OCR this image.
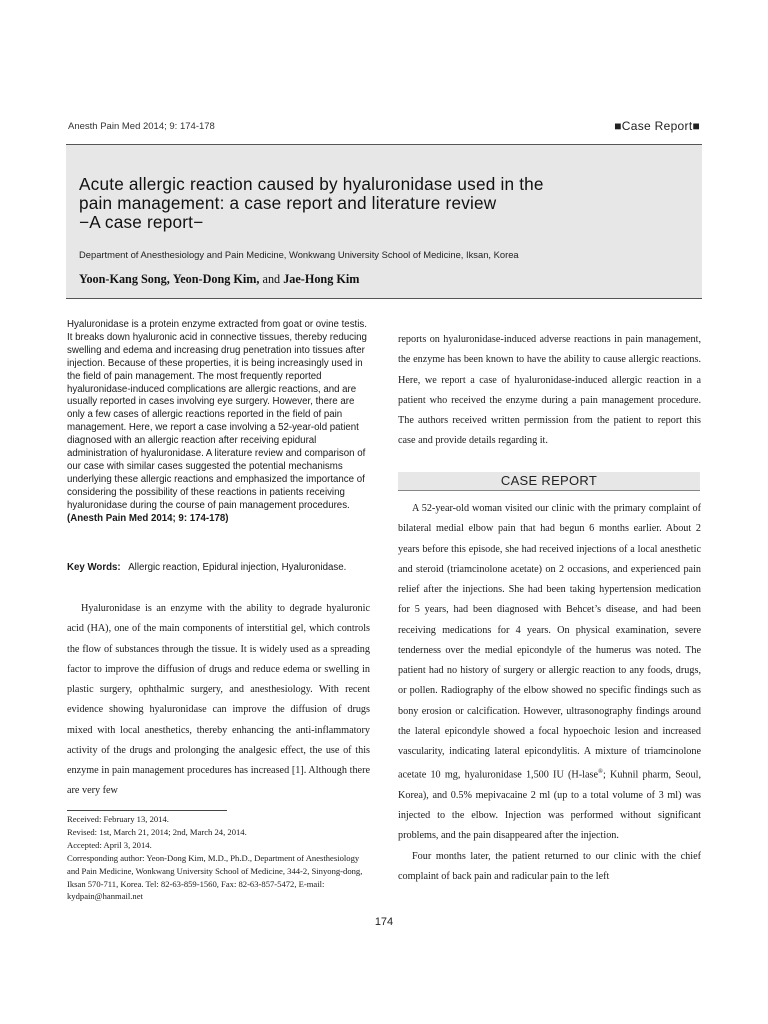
Anesth Pain Med 2014; 9: 174-178	■Case Report■
Acute allergic reaction caused by hyaluronidase used in the
pain management: a case report and literature review
−A case report−
Department of Anesthesiology and Pain Medicine, Wonkwang University School of Medicine, Iksan, Korea
Yoon-Kang Song, Yeon-Dong Kim, and Jae-Hong Kim
Hyaluronidase is a protein enzyme extracted from goat or ovine testis. It breaks down hyaluronic acid in connective tissues, thereby reducing swelling and edema and increasing drug penetration into tissues after injection. Because of these properties, it is being increasingly used in the field of pain management. The most frequently reported hyaluronidase-induced complications are allergic reactions, and are usually reported in cases involving eye surgery. However, there are only a few cases of allergic reactions reported in the field of pain management. Here, we report a case involving a 52-year-old patient diagnosed with an allergic reaction after receiving epidural administration of hyaluronidase. A literature review and comparison of our case with similar cases suggested the potential mechanisms underlying these allergic reactions and emphasized the importance of considering the possibility of these reactions in patients receiving hyaluronidase during the course of pain management procedures. (Anesth Pain Med 2014; 9: 174-178)
Key Words: Allergic reaction, Epidural injection, Hyaluronidase.

Hyaluronidase is an enzyme with the ability to degrade hyaluronic acid (HA), one of the main components of interstitial gel, which controls the flow of substances through the tissue. It is widely used as a spreading factor to improve the diffusion of drugs and reduce edema or swelling in plastic surgery, ophthalmic surgery, and anesthesiology. With recent evidence showing hyaluronidase can improve the diffusion of drugs mixed with local anesthetics, thereby enhancing the anti-inflammatory activity of the drugs and prolonging the analgesic effect, the use of this enzyme in pain management procedures has increased [1]. Although there are very few

reports on hyaluronidase-induced adverse reactions in pain management, the enzyme has been known to have the ability to cause allergic reactions. Here, we report a case of hyaluronidase-induced allergic reaction in a patient who received the enzyme during a pain management procedure. The authors received written permission from the patient to report this case and provide details regarding it.

CASE REPORT

A 52-year-old woman visited our clinic with the primary complaint of bilateral medial elbow pain that had begun 6 months earlier. About 2 years before this episode, she had received injections of a local anesthetic and steroid (triamcinolone acetate) on 2 occasions, and experienced pain relief after the injections. She had been taking hypertension medication for 5 years, had been diagnosed with Behcet’s disease, and had been receiving medications for 4 years. On physical examination, severe tenderness over the medial epicondyle of the humerus was noted. The patient had no history of surgery or allergic reaction to any foods, drugs, or pollen. Radiography of the elbow showed no specific findings such as bony erosion or calcification. However, ultrasonography findings around the lateral epicondyle showed a focal hypoechoic lesion and increased vascularity, indicating lateral epicondylitis. A mixture of triamcinolone acetate 10 mg, hyaluronidase 1,500 IU (H-lase®; Kuhnil pharm, Seoul, Korea), and 0.5% mepivacaine 2 ml (up to a total volume of 3 ml) was injected to the elbow. Injection was performed without significant problems, and the pain disappeared after the injection.

Four months later, the patient returned to our clinic with the chief complaint of back pain and radicular pain to the left

Received: February 13, 2014.
Revised: 1st, March 21, 2014; 2nd, March 24, 2014.
Accepted: April 3, 2014.
Corresponding author: Yeon-Dong Kim, M.D., Ph.D., Department of Anesthesiology and Pain Medicine, Wonkwang University School of Medicine, 344-2, Sinyong-dong, Iksan 570-711, Korea. Tel: 82-63-859-1560, Fax: 82-63-857-5472, E-mail: kydpain@hanmail.net
174
